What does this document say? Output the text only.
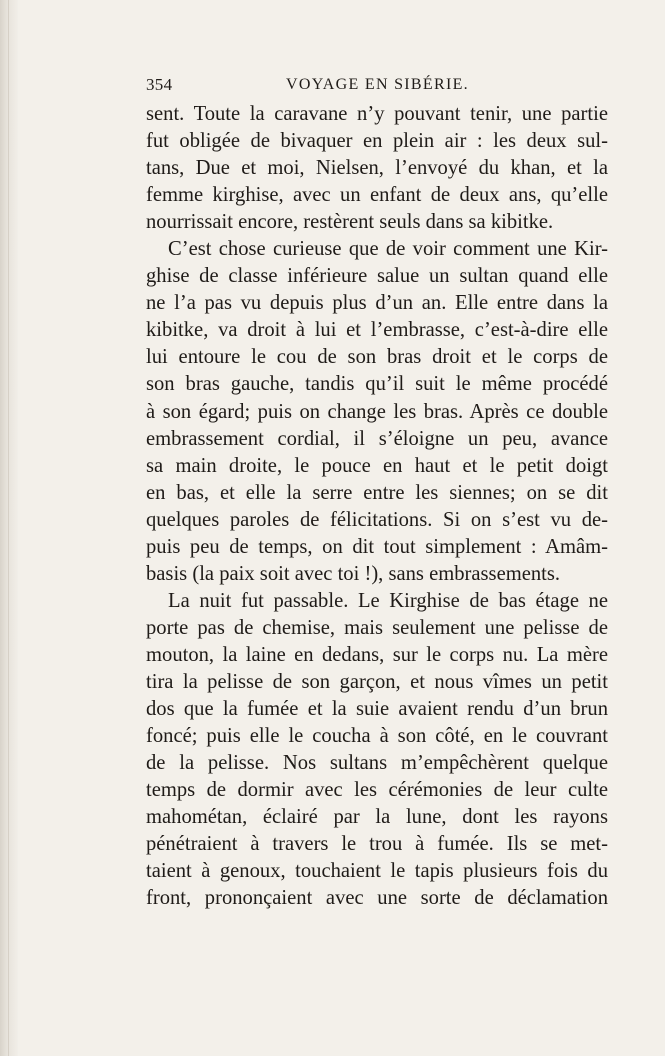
354	VOYAGE EN SIBÉRIE.
sent. Toute la caravane n’y pouvant tenir, une partie
fut obligée de bivaquer en plein air : les deux sul-
tans, Due et moi, Nielsen, l’envoyé du khan, et la
femme kirghise, avec un enfant de deux ans, qu’elle
nourrissait encore, restèrent seuls dans sa kibitke.
C’est chose curieuse que de voir comment une Kir-
ghise de classe inférieure salue un sultan quand elle
ne l’a pas vu depuis plus d’un an. Elle entre dans la
kibitke, va droit à lui et l’embrasse, c’est-à-dire elle
lui entoure le cou de son bras droit et le corps de
son bras gauche, tandis qu’il suit le même procédé
à son égard; puis on change les bras. Après ce double
embrassement cordial, il s’éloigne un peu, avance
sa main droite, le pouce en haut et le petit doigt
en bas, et elle la serre entre les siennes; on se dit
quelques paroles de félicitations. Si on s’est vu de-
puis peu de temps, on dit tout simplement : Amâm-
basis (la paix soit avec toi !), sans embrassements.
La nuit fut passable. Le Kirghise de bas étage ne
porte pas de chemise, mais seulement une pelisse de
mouton, la laine en dedans, sur le corps nu. La mère
tira la pelisse de son garçon, et nous vîmes un petit
dos que la fumée et la suie avaient rendu d’un brun
foncé; puis elle le coucha à son côté, en le couvrant
de la pelisse. Nos sultans m’empêchèrent quelque
temps de dormir avec les cérémonies de leur culte
mahométan, éclairé par la lune, dont les rayons
pénétraient à travers le trou à fumée. Ils se met-
taient à genoux, touchaient le tapis plusieurs fois du
front, prononçaient avec une sorte de déclamation
